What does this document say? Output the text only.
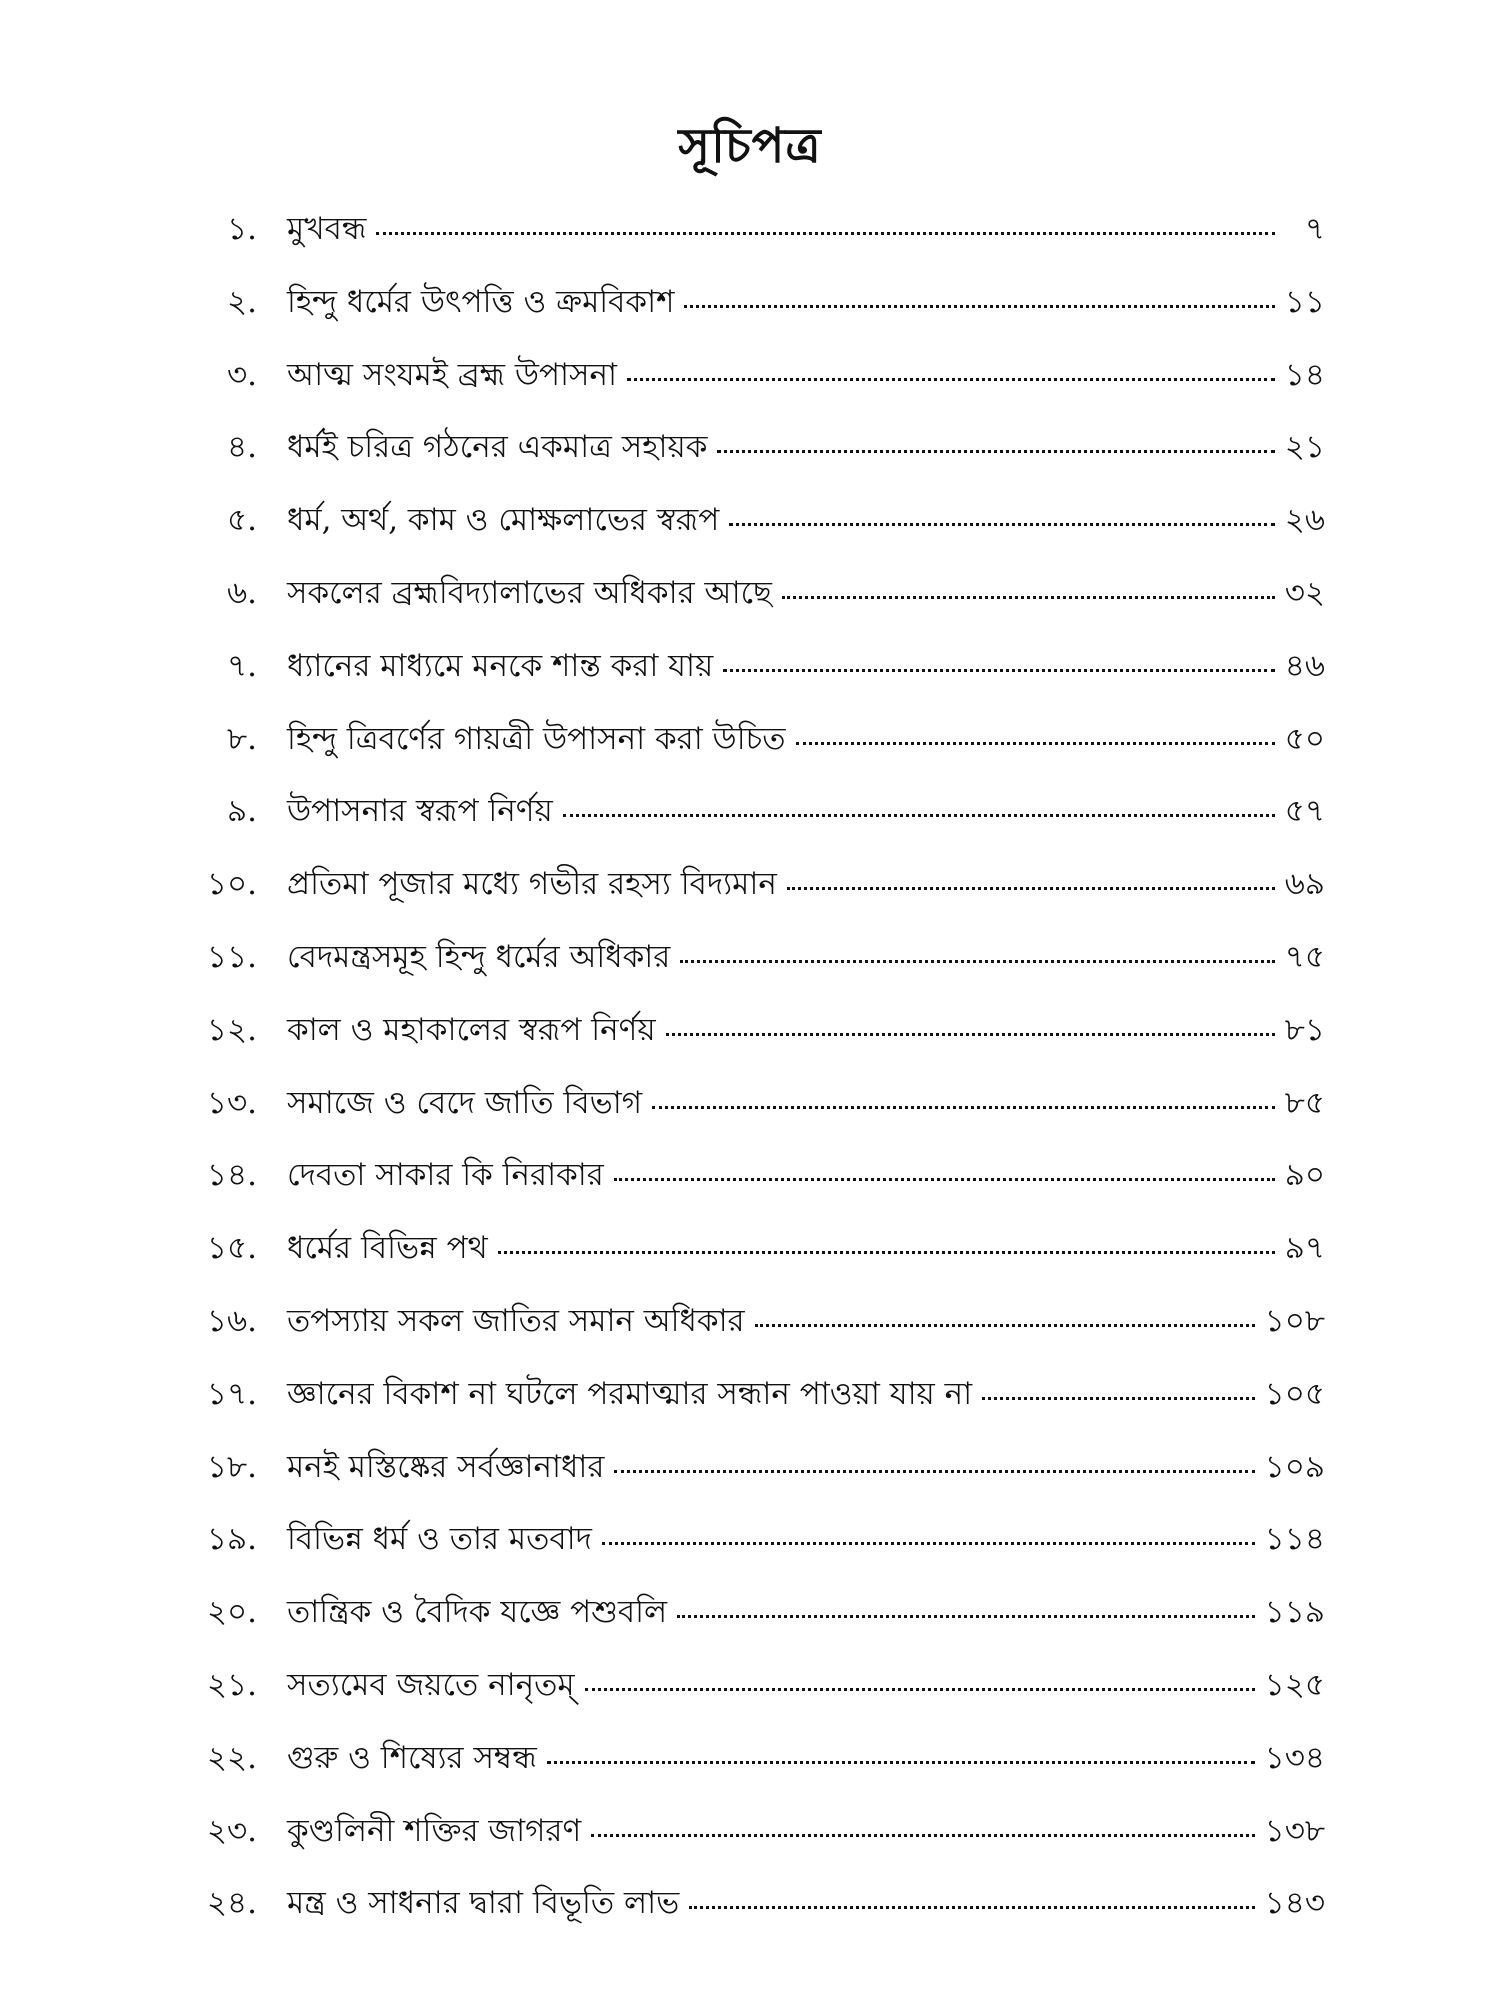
সূচিপত্র
১. মুখবন্ধ	৭
২. হিন্দু ধর্মের উৎপত্তি ও ক্রমবিকাশ	১১
৩. আত্ম সংযমই ব্রহ্ম উপাসনা	১৪
৪. ধর্মই চরিত্র গঠনের একমাত্র সহায়ক	২১
৫. ধর্ম, অর্থ, কাম ও মোক্ষলাভের স্বরূপ	২৬
৬. সকলের ব্রহ্মবিদ্যালাভের অধিকার আছে	৩২
৭. ধ্যানের মাধ্যমে মনকে শান্ত করা যায়	৪৬
৮. হিন্দু ত্রিবর্ণের গায়ত্রী উপাসনা করা উচিত	৫০
৯. উপাসনার স্বরূপ নির্ণয়	৫৭
১০. প্রতিমা পূজার মধ্যে গভীর রহস্য বিদ্যমান	৬৯
১১. বেদমন্ত্রসমূহ হিন্দু ধর্মের অধিকার	৭৫
১২. কাল ও মহাকালের স্বরূপ নির্ণয়	৮১
১৩. সমাজে ও বেদে জাতি বিভাগ	৮৫
১৪. দেবতা সাকার কি নিরাকার	৯০
১৫. ধর্মের বিভিন্ন পথ	৯৭
১৬. তপস্যায় সকল জাতির সমান অধিকার	১০৮
১৭. জ্ঞানের বিকাশ না ঘটলে পরমাত্মার সন্ধান পাওয়া যায় না	১০৫
১৮. মনই মস্তিষ্কের সর্বজ্ঞানাধার	১০৯
১৯. বিভিন্ন ধর্ম ও তার মতবাদ	১১৪
২০. তান্ত্রিক ও বৈদিক যজ্ঞে পশুবলি	১১৯
২১. সত্যমেব জয়তে নানৃতম্	১২৫
২২. গুরু ও শিষ্যের সম্বন্ধ	১৩৪
২৩. কুণ্ডলিনী শক্তির জাগরণ	১৩৮
২৪. মন্ত্র ও সাধনার দ্বারা বিভূতি লাভ	১৪৩
